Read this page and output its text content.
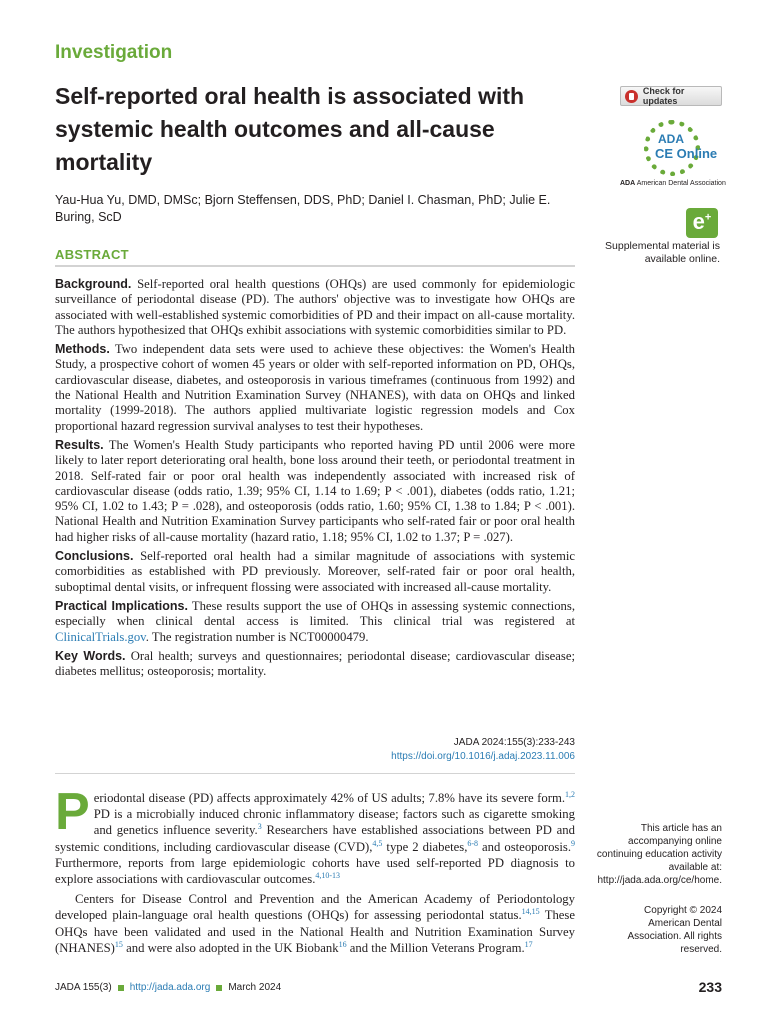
Investigation
Self-reported oral health is associated with systemic health outcomes and all-cause mortality
Yau-Hua Yu, DMD, DMSc; Bjorn Steffensen, DDS, PhD; Daniel I. Chasman, PhD; Julie E. Buring, ScD
Check for updates
ADA
CE Online
ADA American Dental Association
e+
Supplemental material is available online.
ABSTRACT

Background. Self-reported oral health questions (OHQs) are used commonly for epidemiologic surveillance of periodontal disease (PD). The authors' objective was to investigate how OHQs are associated with well-established systemic comorbidities of PD and their impact on all-cause mortality. The authors hypothesized that OHQs exhibit associations with systemic comorbidities similar to PD.

Methods. Two independent data sets were used to achieve these objectives: the Women's Health Study, a prospective cohort of women 45 years or older with self-reported information on PD, OHQs, cardiovascular disease, diabetes, and osteoporosis in various timeframes (continuous from 1992) and the National Health and Nutrition Examination Survey (NHANES), with data on OHQs and linked mortality (1999-2018). The authors applied multivariate logistic regression models and Cox proportional hazard regression survival analyses to test their hypotheses.

Results. The Women's Health Study participants who reported having PD until 2006 were more likely to later report deteriorating oral health, bone loss around their teeth, or periodontal treatment in 2018. Self-rated fair or poor oral health was independently associated with increased risk of cardiovascular disease (odds ratio, 1.39; 95% CI, 1.14 to 1.69; P < .001), diabetes (odds ratio, 1.21; 95% CI, 1.02 to 1.43; P = .028), and osteoporosis (odds ratio, 1.60; 95% CI, 1.38 to 1.84; P < .001). National Health and Nutrition Examination Survey participants who self-rated fair or poor oral health had higher risks of all-cause mortality (hazard ratio, 1.18; 95% CI, 1.02 to 1.37; P = .027).

Conclusions. Self-reported oral health had a similar magnitude of associations with systemic comorbidities as established with PD previously. Moreover, self-rated fair or poor oral health, suboptimal dental visits, or infrequent flossing were associated with increased all-cause mortality.

Practical Implications. These results support the use of OHQs in assessing systemic connections, especially when clinical dental access is limited. This clinical trial was registered at ClinicalTrials.gov. The registration number is NCT00000479.

Key Words. Oral health; surveys and questionnaires; periodontal disease; cardiovascular disease; diabetes mellitus; osteoporosis; mortality.

JADA 2024:155(3):233-243
https://doi.org/10.1016/j.adaj.2023.11.006

Periodontal disease (PD) affects approximately 42% of US adults; 7.8% have its severe form.$^{1,2}$ PD is a microbially induced chronic inflammatory disease; factors such as cigarette smoking and genetics influence severity.$^3$ Researchers have established associations between PD and systemic conditions, including cardiovascular disease (CVD),$^{4,5}$ type 2 diabetes,$^{6-8}$ and osteoporosis.$^9$ Furthermore, reports from large epidemiologic cohorts have used self-reported PD diagnosis to explore associations with cardiovascular outcomes.$^{4,10-13}$

Centers for Disease Control and Prevention and the American Academy of Periodontology developed plain-language oral health questions (OHQs) for assessing periodontal status.$^{14,15}$ These OHQs have been validated and used in the National Health and Nutrition Examination Survey (NHANES)$^{15}$ and were also adopted in the UK Biobank$^{16}$ and the Million Veterans Program.$^{17}$

This article has an accompanying online continuing education activity available at: http://jada.ada.org/ce/home.
Copyright © 2024 American Dental Association. All rights reserved.
JADA 155(3) http://jada.ada.org March 2024	233
